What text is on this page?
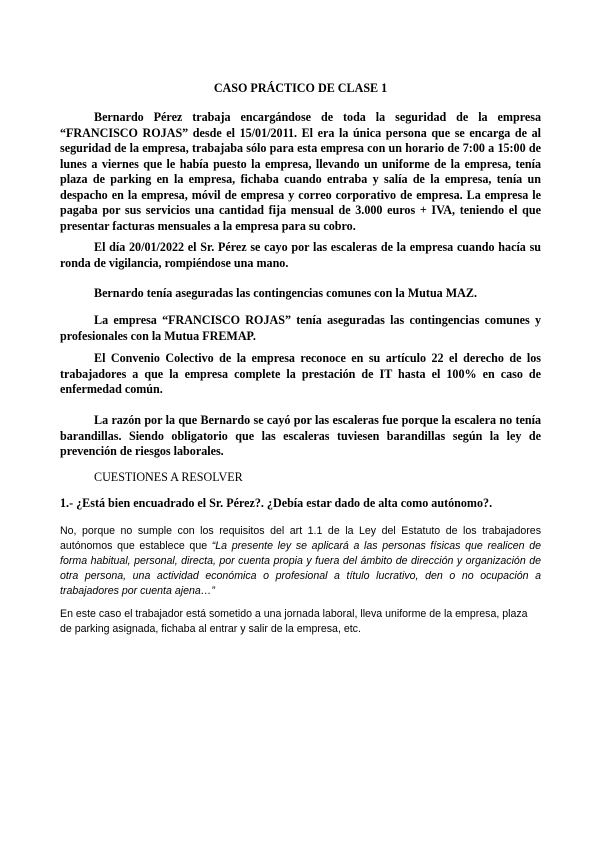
CASO PRÁCTICO DE CLASE 1

Bernardo Pérez trabaja encargándose de toda la seguridad de la empresa “FRANCISCO ROJAS” desde el 15/01/2011. El era la única persona que se encarga de al seguridad de la empresa, trabajaba sólo para esta empresa con un horario de 7:00 a 15:00 de lunes a viernes que le había puesto la empresa, llevando un uniforme de la empresa, tenía plaza de parking en la empresa, fichaba cuando entraba y salía de la empresa, tenía un despacho en la empresa, móvil de empresa y correo corporativo de empresa. La empresa le pagaba por sus servicios una cantidad fija mensual de 3.000 euros + IVA, teniendo el que presentar facturas mensuales a la empresa para su cobro.

El día 20/01/2022 el Sr. Pérez se cayo por las escaleras de la empresa cuando hacía su ronda de vigilancia, rompiéndose una mano.

Bernardo tenía aseguradas las contingencias comunes con la Mutua MAZ.

La empresa “FRANCISCO ROJAS” tenía aseguradas las contingencias comunes y profesionales con la Mutua FREMAP.

El Convenio Colectivo de la empresa reconoce en su artículo 22 el derecho de los trabajadores a que la empresa complete la prestación de IT hasta el 100% en caso de enfermedad común.

La razón por la que Bernardo se cayó por las escaleras fue porque la escalera no tenía barandillas. Siendo obligatorio que las escaleras tuviesen barandillas según la ley de prevención de riesgos laborales.

CUESTIONES A RESOLVER

1.- ¿Está bien encuadrado el Sr. Pérez?. ¿Debía estar dado de alta como autónomo?.

No, porque no sumple con los requisitos del art 1.1 de la Ley del Estatuto de los trabajadores autónomos que establece que “La presente ley se aplicará a las personas físicas que realicen de forma habitual, personal, directa, por cuenta propia y fuera del ámbito de dirección y organización de otra persona, una actividad económica o profesional a título lucrativo, den o no ocupación a trabajadores por cuenta ajena…”

En este caso el trabajador está sometido a una jornada laboral, lleva uniforme de la empresa, plaza de parking asignada, fichaba al entrar y salir de la empresa, etc.
